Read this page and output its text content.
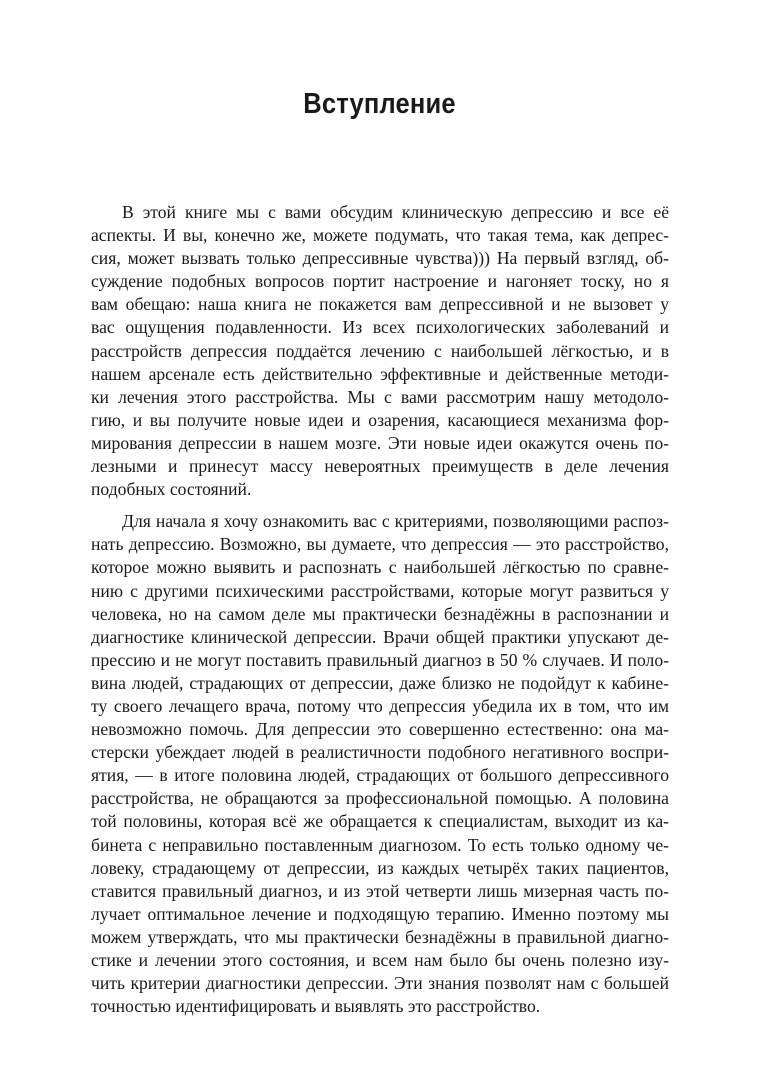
Вступление
В этой книге мы с вами обсудим клиническую депрессию и все её
аспекты. И вы, конечно же, можете подумать, что такая тема, как депрес-
сия, может вызвать только депрессивные чувства))) На первый взгляд, об-
суждение подобных вопросов портит настроение и нагоняет тоску, но я
вам обещаю: наша книга не покажется вам депрессивной и не вызовет у
вас ощущения подавленности. Из всех психологических заболеваний и
расстройств депрессия поддаётся лечению с наибольшей лёгкостью, и в
нашем арсенале есть действительно эффективные и действенные методи-
ки лечения этого расстройства. Мы с вами рассмотрим нашу методоло-
гию, и вы получите новые идеи и озарения, касающиеся механизма фор-
мирования депрессии в нашем мозге. Эти новые идеи окажутся очень по-
лезными и принесут массу невероятных преимуществ в деле лечения
подобных состояний.
Для начала я хочу ознакомить вас с критериями, позволяющими распоз-
нать депрессию. Возможно, вы думаете, что депрессия — это расстройство,
которое можно выявить и распознать с наибольшей лёгкостью по сравне-
нию с другими психическими расстройствами, которые могут развиться у
человека, но на самом деле мы практически безнадёжны в распознании и
диагностике клинической депрессии. Врачи общей практики упускают де-
прессию и не могут поставить правильный диагноз в 50 % случаев. И поло-
вина людей, страдающих от депрессии, даже близко не подойдут к кабине-
ту своего лечащего врача, потому что депрессия убедила их в том, что им
невозможно помочь. Для депрессии это совершенно естественно: она ма-
стерски убеждает людей в реалистичности подобного негативного воспри-
ятия, — в итоге половина людей, страдающих от большого депрессивного
расстройства, не обращаются за профессиональной помощью. А половина
той половины, которая всё же обращается к специалистам, выходит из ка-
бинета с неправильно поставленным диагнозом. То есть только одному че-
ловеку, страдающему от депрессии, из каждых четырёх таких пациентов,
ставится правильный диагноз, и из этой четверти лишь мизерная часть по-
лучает оптимальное лечение и подходящую терапию. Именно поэтому мы
можем утверждать, что мы практически безнадёжны в правильной диагно-
стике и лечении этого состояния, и всем нам было бы очень полезно изу-
чить критерии диагностики депрессии. Эти знания позволят нам с большей
точностью идентифицировать и выявлять это расстройство.
